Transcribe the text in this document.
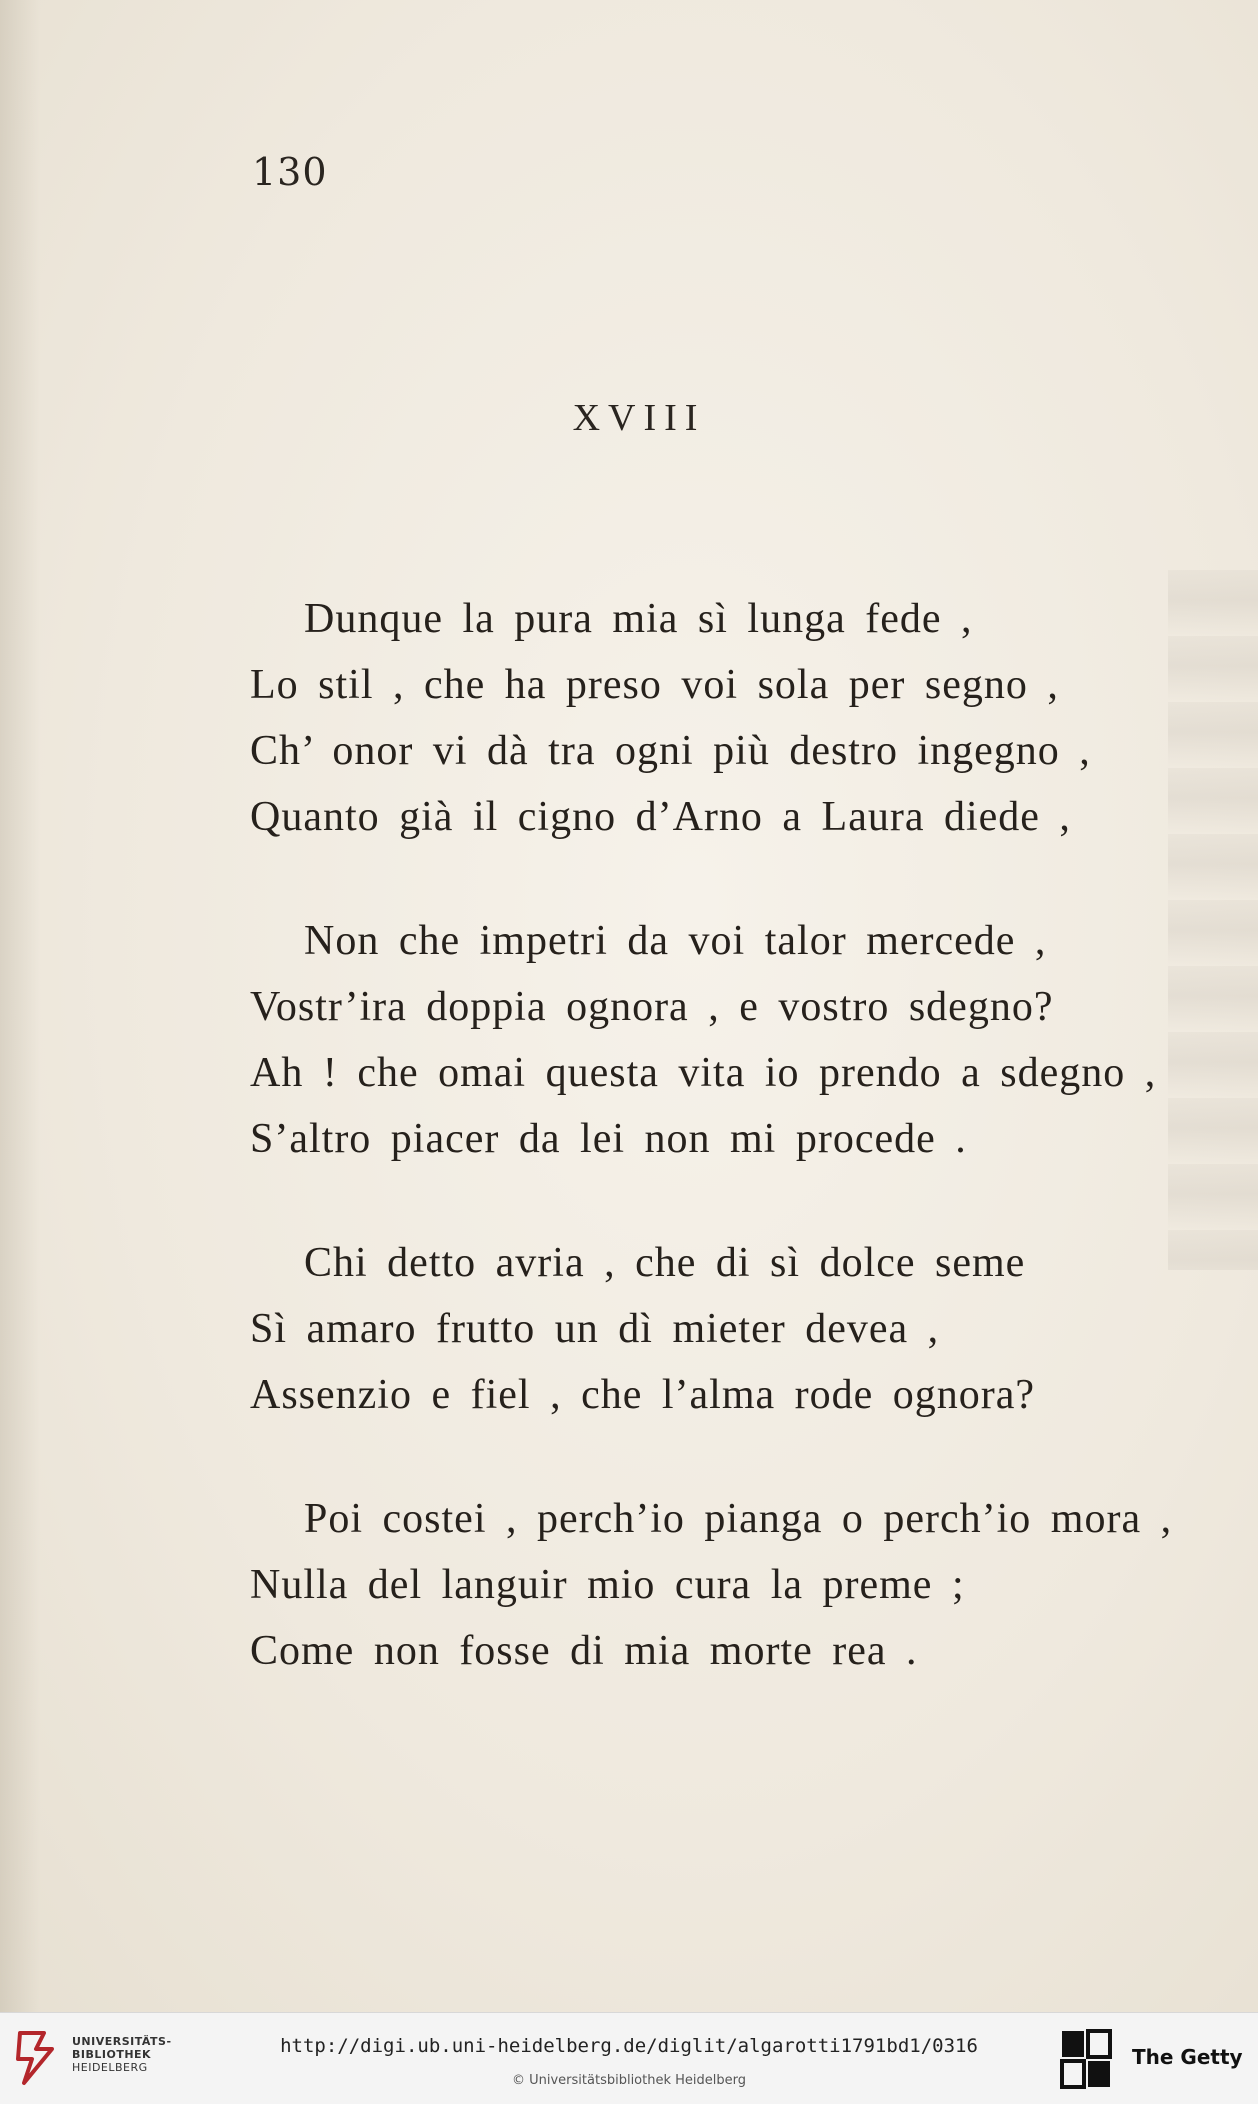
130
XVIII
Dunque la pura mia sì lunga fede ,
Lo stil , che ha preso voi sola per segno ,
Ch’ onor vi dà tra ogni più destro ingegno ,
Quanto già il cigno d’Arno a Laura diede ,
Non che impetri da voi talor mercede ,
Vostr’ira doppia ognora , e vostro sdegno?
Ah ! che omai questa vita io prendo a sdegno ,
S’altro piacer da lei non mi procede .
Chi detto avria , che di sì dolce seme
Sì amaro frutto un dì mieter devea ,
Assenzio e fiel , che l’alma rode ognora?
Poi costei , perch’io pianga o perch’io mora ,
Nulla del languir mio cura la preme ;
Come non fosse di mia morte rea .
UNIVERSITÄTS-
BIBLIOTHEK
HEIDELBERG
http://digi.ub.uni-heidelberg.de/diglit/algarotti1791bd1/0316
© Universitätsbibliothek Heidelberg
The Getty
